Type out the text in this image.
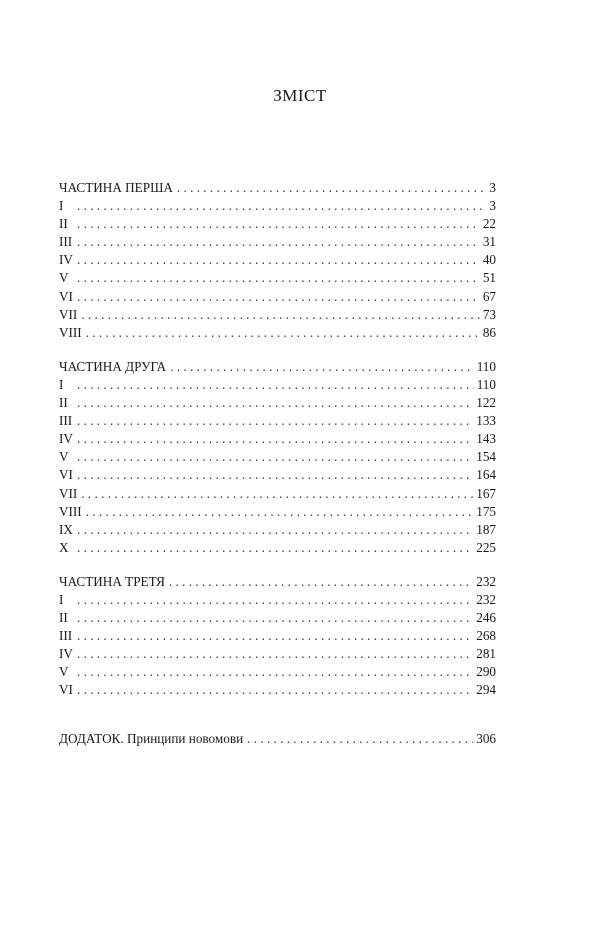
ЗМІСТ
ЧАСТИНА ПЕРША . . .	3
I . . .	3
II . . .	22
III . . .	31
IV . . .	40
V . . .	51
VI . . .	67
VII . . .	73
VIII . . .	86
ЧАСТИНА ДРУГА . . .	110
I . . .	110
II . . .	122
III . . .	133
IV . . .	143
V . . .	154
VI . . .	164
VII . . .	167
VIII . . .	175
IX . . .	187
X . . .	225
ЧАСТИНА ТРЕТЯ . . .	232
I . . .	232
II . . .	246
III . . .	268
IV . . .	281
V . . .	290
VI . . .	294
ДОДАТОК. Принципи новомови . . .	306
